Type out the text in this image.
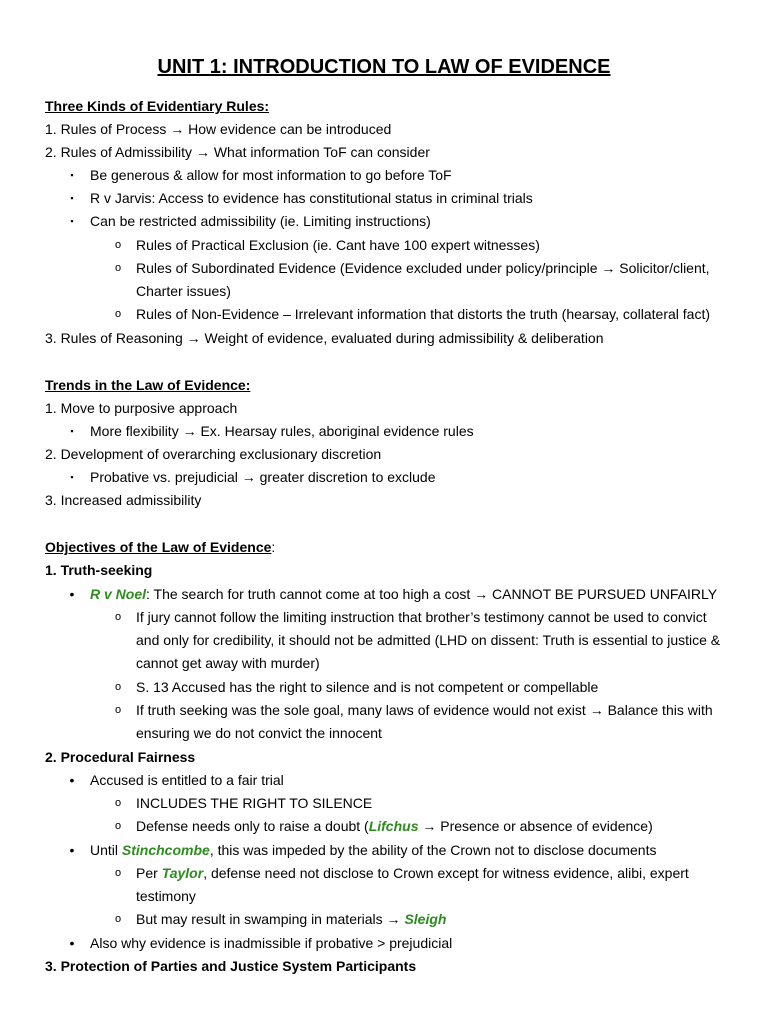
UNIT 1: INTRODUCTION TO LAW OF EVIDENCE
Three Kinds of Evidentiary Rules:
1. Rules of Process → How evidence can be introduced
2. Rules of Admissibility → What information ToF can consider
▪	Be generous & allow for most information to go before ToF
▪	R v Jarvis: Access to evidence has constitutional status in criminal trials
▪	Can be restricted admissibility (ie. Limiting instructions)
o	Rules of Practical Exclusion (ie. Cant have 100 expert witnesses)
o	Rules of Subordinated Evidence (Evidence excluded under policy/principle → Solicitor/client,
Charter issues)
o	Rules of Non-Evidence – Irrelevant information that distorts the truth (hearsay, collateral fact)
3. Rules of Reasoning → Weight of evidence, evaluated during admissibility & deliberation
Trends in the Law of Evidence:
1. Move to purposive approach
▪	More flexibility → Ex. Hearsay rules, aboriginal evidence rules
2. Development of overarching exclusionary discretion
▪	Probative vs. prejudicial → greater discretion to exclude
3. Increased admissibility
Objectives of the Law of Evidence:
1. Truth-seeking
•	R v Noel: The search for truth cannot come at too high a cost → CANNOT BE PURSUED UNFAIRLY
o	If jury cannot follow the limiting instruction that brother’s testimony cannot be used to convict
and only for credibility, it should not be admitted (LHD on dissent: Truth is essential to justice &
cannot get away with murder)
o	S. 13 Accused has the right to silence and is not competent or compellable
o	If truth seeking was the sole goal, many laws of evidence would not exist → Balance this with
ensuring we do not convict the innocent
2. Procedural Fairness
•	Accused is entitled to a fair trial
o	INCLUDES THE RIGHT TO SILENCE
o	Defense needs only to raise a doubt (Lifchus → Presence or absence of evidence)
•	Until Stinchcombe, this was impeded by the ability of the Crown not to disclose documents
o	Per Taylor, defense need not disclose to Crown except for witness evidence, alibi, expert
testimony
o	But may result in swamping in materials → Sleigh
•	Also why evidence is inadmissible if probative > prejudicial
3. Protection of Parties and Justice System Participants
